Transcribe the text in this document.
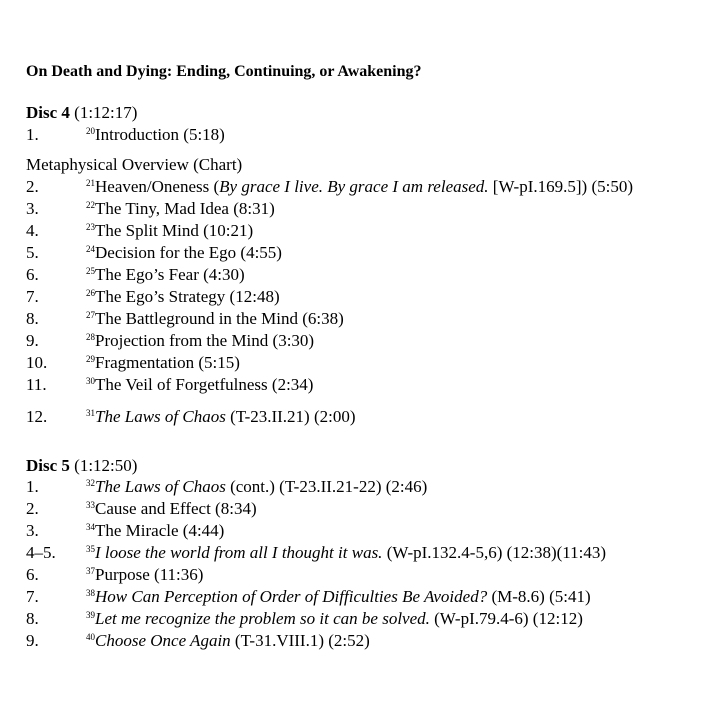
On Death and Dying: Ending, Continuing, or Awakening?
Disc 4 (1:12:17)
1.	$^{20}$Introduction (5:18)
Metaphysical Overview (Chart)
2.	$^{21}$Heaven/Oneness (By grace I live. By grace I am released. [W-pI.169.5]) (5:50)
3.	$^{22}$The Tiny, Mad Idea (8:31)
4.	$^{23}$The Split Mind (10:21)
5.	$^{24}$Decision for the Ego (4:55)
6.	$^{25}$The Ego’s Fear (4:30)
7.	$^{26}$The Ego’s Strategy (12:48)
8.	$^{27}$The Battleground in the Mind (6:38)
9.	$^{28}$Projection from the Mind (3:30)
10.	$^{29}$Fragmentation (5:15)
11.	$^{30}$The Veil of Forgetfulness (2:34)
12.	$^{31}$The Laws of Chaos (T-23.II.21) (2:00)
Disc 5 (1:12:50)
1.	$^{32}$The Laws of Chaos (cont.) (T-23.II.21-22) (2:46)
2.	$^{33}$Cause and Effect (8:34)
3.	$^{34}$The Miracle (4:44)
4–5.	$^{35}$I loose the world from all I thought it was. (W-pI.132.4-5,6) (12:38)(11:43)
6.	$^{37}$Purpose (11:36)
7.	$^{38}$How Can Perception of Order of Difficulties Be Avoided? (M-8.6) (5:41)
8.	$^{39}$Let me recognize the problem so it can be solved. (W-pI.79.4-6) (12:12)
9.	$^{40}$Choose Once Again (T-31.VIII.1) (2:52)
